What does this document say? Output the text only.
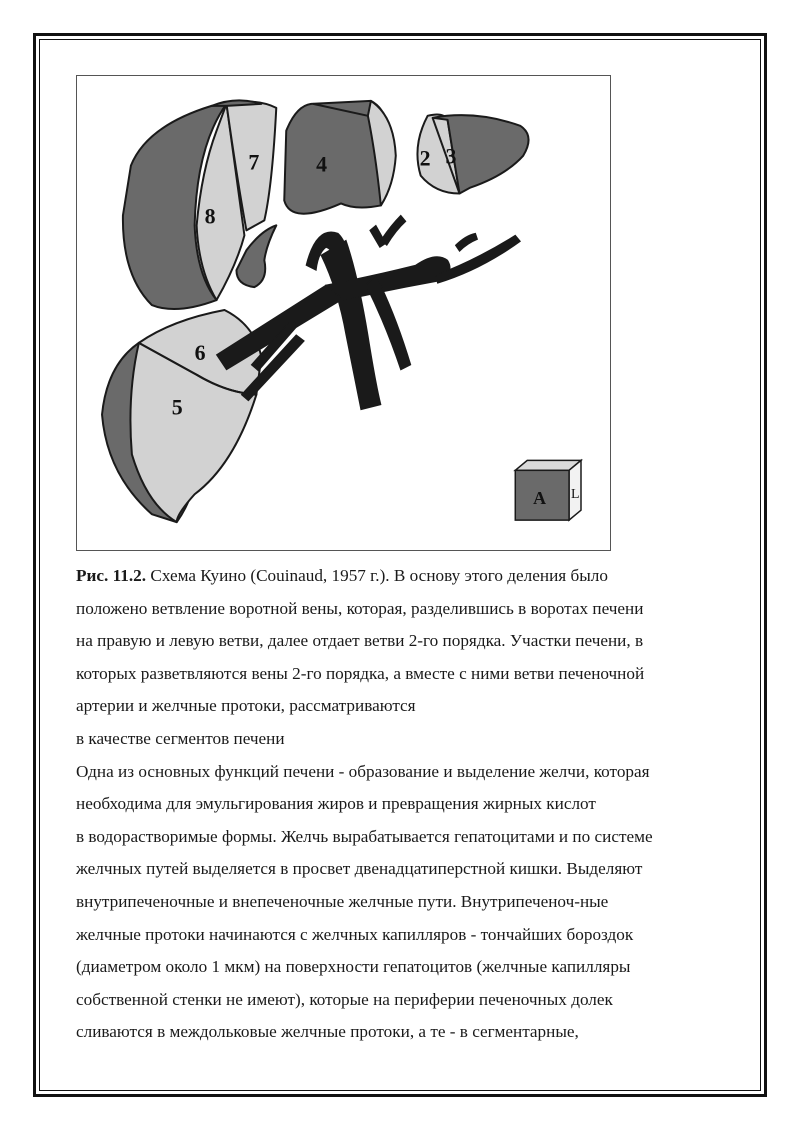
7
8
4	2 3
6
5
A L
Рис. 11.2. Схема Куино (Couinaud, 1957 г.). В основу этого деления было
положено ветвление воротной вены, которая, разделившись в воротах печени
на правую и левую ветви, далее отдает ветви 2-го порядка. Участки печени, в
которых разветвляются вены 2-го порядка, а вместе с ними ветви печеночной
артерии и желчные протоки, рассматриваются
в качестве сегментов печени
Одна из основных функций печени - образование и выделение желчи, которая
необходима для эмульгирования жиров и превращения жирных кислот
в водорастворимые формы. Желчь вырабатывается гепатоцитами и по системе
желчных путей выделяется в просвет двенадцатиперстной кишки. Выделяют
внутрипеченочные и внепеченочные желчные пути. Внутрипеченоч-ные
желчные протоки начинаются с желчных капилляров - тончайших бороздок
(диаметром около 1 мкм) на поверхности гепатоцитов (желчные капилляры
собственной стенки не имеют), которые на периферии печеночных долек
сливаются в междольковые желчные протоки, а те - в сегментарные,
